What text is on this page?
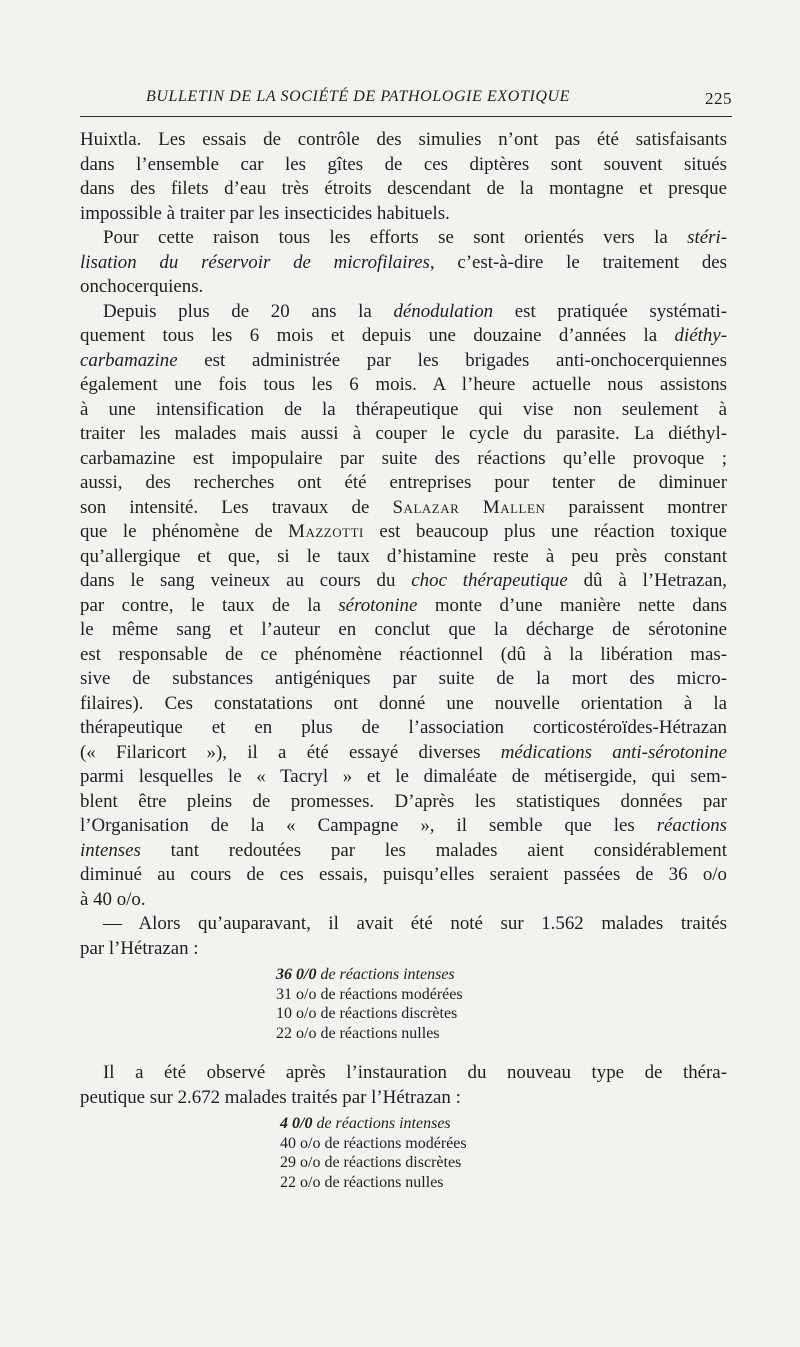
BULLETIN DE LA SOCIÉTÉ DE PATHOLOGIE EXOTIQUE	225
Huixtla. Les essais de contrôle des simulies n’ont pas été satisfaisants
dans l’ensemble car les gîtes de ces diptères sont souvent situés
dans des filets d’eau très étroits descendant de la montagne et presque
impossible à traiter par les insecticides habituels.
Pour cette raison tous les efforts se sont orientés vers la stéri-
lisation du réservoir de microfilaires, c’est-à-dire le traitement des
onchocerquiens.
Depuis plus de 20 ans la dénodulation est pratiquée systémati-
quement tous les 6 mois et depuis une douzaine d’années la diéthy-
carbamazine est administrée par les brigades anti-onchocerquiennes
également une fois tous les 6 mois. A l’heure actuelle nous assistons
à une intensification de la thérapeutique qui vise non seulement à
traiter les malades mais aussi à couper le cycle du parasite. La diéthyl-
carbamazine est impopulaire par suite des réactions qu’elle provoque ;
aussi, des recherches ont été entreprises pour tenter de diminuer
son intensité. Les travaux de Salazar Mallen paraissent montrer
que le phénomène de Mazzotti est beaucoup plus une réaction toxique
qu’allergique et que, si le taux d’histamine reste à peu près constant
dans le sang veineux au cours du choc thérapeutique dû à l’Hetrazan,
par contre, le taux de la sérotonine monte d’une manière nette dans
le même sang et l’auteur en conclut que la décharge de sérotonine
est responsable de ce phénomène réactionnel (dû à la libération mas-
sive de substances antigéniques par suite de la mort des micro-
filaires). Ces constatations ont donné une nouvelle orientation à la
thérapeutique et en plus de l’association corticostéroïdes-Hétrazan
(« Filaricort »), il a été essayé diverses médications anti-sérotonine
parmi lesquelles le « Tacryl » et le dimaléate de métisergide, qui sem-
blent être pleins de promesses. D’après les statistiques données par
l’Organisation de la « Campagne », il semble que les réactions
intenses tant redoutées par les malades aient considérablement
diminué au cours de ces essais, puisqu’elles seraient passées de 36 o/o
à 40 o/o.
— Alors qu’auparavant, il avait été noté sur 1.562 malades traités
par l’Hétrazan :
36 0/0 de réactions intenses
31 o/o de réactions modérées
10 o/o de réactions discrètes
22 o/o de réactions nulles
Il a été observé après l’instauration du nouveau type de théra-
peutique sur 2.672 malades traités par l’Hétrazan :
4 0/0 de réactions intenses
40 o/o de réactions modérées
29 o/o de réactions discrètes
22 o/o de réactions nulles
